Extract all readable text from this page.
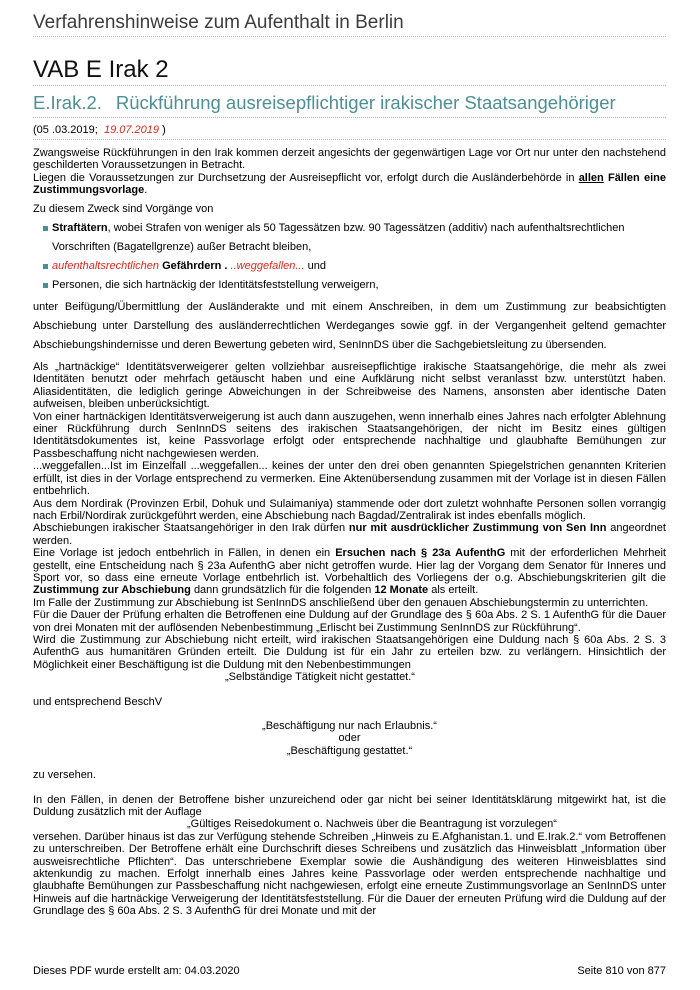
Verfahrenshinweise zum Aufenthalt in Berlin
VAB E Irak 2
E.Irak.2. Rückführung ausreisepflichtiger irakischer Staatsangehöriger
(05 .03.2019; 19.07.2019 )

Zwangsweise Rückführungen in den Irak kommen derzeit angesichts der gegenwärtigen Lage vor Ort nur unter den nachstehend geschilderten Voraussetzungen in Betracht.
Liegen die Voraussetzungen zur Durchsetzung der Ausreisepflicht vor, erfolgt durch die Ausländerbehörde in allen Fällen eine Zustimmungsvorlage.

Zu diesem Zweck sind Vorgänge von

Straftätern, wobei Strafen von weniger als 50 Tagessätzen bzw. 90 Tagessätzen (additiv) nach aufenthaltsrechtlichen Vorschriften (Bagatellgrenze) außer Betracht bleiben,
aufenthaltsrechtlichen Gefährdern . ..weggefallen... und
Personen, die sich hartnäckig der Identitätsfeststellung verweigern,

unter Beifügung/Übermittlung der Ausländerakte und mit einem Anschreiben, in dem um Zustimmung zur beabsichtigten Abschiebung unter Darstellung des ausländerrechtlichen Werdeganges sowie ggf. in der Vergangenheit geltend gemachter Abschiebungshindernisse und deren Bewertung gebeten wird, SenInnDS über die Sachgebietsleitung zu übersenden.

Als „hartnäckige“ Identitätsverweigerer gelten vollziehbar ausreisepflichtige irakische Staatsangehörige, die mehr als zwei Identitäten benutzt oder mehrfach getäuscht haben und eine Aufklärung nicht selbst veranlasst bzw. unterstützt haben. Aliasidentitäten, die lediglich geringe Abweichungen in der Schreibweise des Namens, ansonsten aber identische Daten aufweisen, bleiben unberücksichtigt.

Von einer hartnäckigen Identitätsverweigerung ist auch dann auszugehen, wenn innerhalb eines Jahres nach erfolgter Ablehnung einer Rückführung durch SenInnDS seitens des irakischen Staatsangehörigen, der nicht im Besitz eines gültigen Identitätsdokumentes ist, keine Passvorlage erfolgt oder entsprechende nachhaltige und glaubhafte Bemühungen zur Passbeschaffung nicht nachgewiesen werden.

...weggefallen...Ist im Einzelfall ...weggefallen... keines der unter den drei oben genannten Spiegelstrichen genannten Kriterien erfüllt, ist dies in der Vorlage entsprechend zu vermerken. Eine Aktenübersendung zusammen mit der Vorlage ist in diesen Fällen entbehrlich.

Aus dem Nordirak (Provinzen Erbil, Dohuk und Sulaimaniya) stammende oder dort zuletzt wohnhafte Personen sollen vorrangig nach Erbil/Nordirak zurückgeführt werden, eine Abschiebung nach Bagdad/Zentralirak ist indes ebenfalls möglich.

Abschiebungen irakischer Staatsangehöriger in den Irak dürfen nur mit ausdrücklicher Zustimmung von Sen Inn angeordnet werden.

Eine Vorlage ist jedoch entbehrlich in Fällen, in denen ein Ersuchen nach § 23a AufenthG mit der erforderlichen Mehrheit gestellt, eine Entscheidung nach § 23a AufenthG aber nicht getroffen wurde. Hier lag der Vorgang dem Senator für Inneres und Sport vor, so dass eine erneute Vorlage entbehrlich ist. Vorbehaltlich des Vorliegens der o.g. Abschiebungskriterien gilt die Zustimmung zur Abschiebung dann grundsätzlich für die folgenden 12 Monate als erteilt.

Im Falle der Zustimmung zur Abschiebung ist SenInnDS anschließend über den genauen Abschiebungstermin zu unterrichten.

Für die Dauer der Prüfung erhalten die Betroffenen eine Duldung auf der Grundlage des § 60a Abs. 2 S. 1 AufenthG für die Dauer von drei Monaten mit der auflösenden Nebenbestimmung „Erlischt bei Zustimmung SenInnDS zur Rückführung“.

Wird die Zustimmung zur Abschiebung nicht erteilt, wird irakischen Staatsangehörigen eine Duldung nach § 60a Abs. 2 S. 3 AufenthG aus humanitären Gründen erteilt. Die Duldung ist für ein Jahr zu erteilen bzw. zu verlängern. Hinsichtlich der Möglichkeit einer Beschäftigung ist die Duldung mit den Nebenbestimmungen

„Selbständige Tätigkeit nicht gestattet.“

und entsprechend BeschV

„Beschäftigung nur nach Erlaubnis.“

oder

„Beschäftigung gestattet.“

zu versehen.

In den Fällen, in denen der Betroffene bisher unzureichend oder gar nicht bei seiner Identitätsklärung mitgewirkt hat, ist die Duldung zusätzlich mit der Auflage

„Gültiges Reisedokument o. Nachweis über die Beantragung ist vorzulegen“

versehen. Darüber hinaus ist das zur Verfügung stehende Schreiben „Hinweis zu E.Afghanistan.1. und E.Irak.2.“ vom Betroffenen zu unterschreiben. Der Betroffene erhält eine Durchschrift dieses Schreibens und zusätzlich das Hinweisblatt „Information über ausweisrechtliche Pflichten“. Das unterschriebene Exemplar sowie die Aushändigung des weiteren Hinweisblattes sind aktenkundig zu machen. Erfolgt innerhalb eines Jahres keine Passvorlage oder werden entsprechende nachhaltige und glaubhafte Bemühungen zur Passbeschaffung nicht nachgewiesen, erfolgt eine erneute Zustimmungsvorlage an SenInnDS unter Hinweis auf die hartnäckige Verweigerung der Identitätsfeststellung. Für die Dauer der erneuten Prüfung wird die Duldung auf der Grundlage des § 60a Abs. 2 S. 3 AufenthG für drei Monate und mit der

Dieses PDF wurde erstellt am: 04.03.2020	Seite 810 von 877
